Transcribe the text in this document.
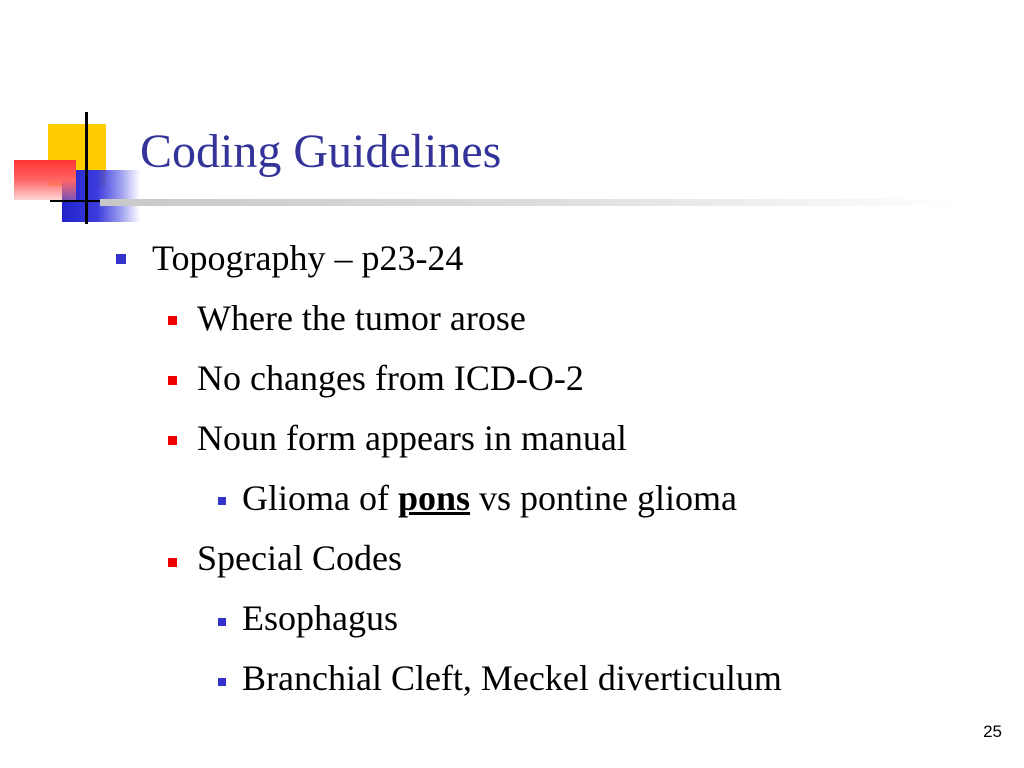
Coding Guidelines
Topography – p23-24
Where the tumor arose
No changes from ICD-O-2
Noun form appears in manual
Glioma of pons vs pontine glioma
Special Codes
Esophagus
Branchial Cleft, Meckel diverticulum
25
